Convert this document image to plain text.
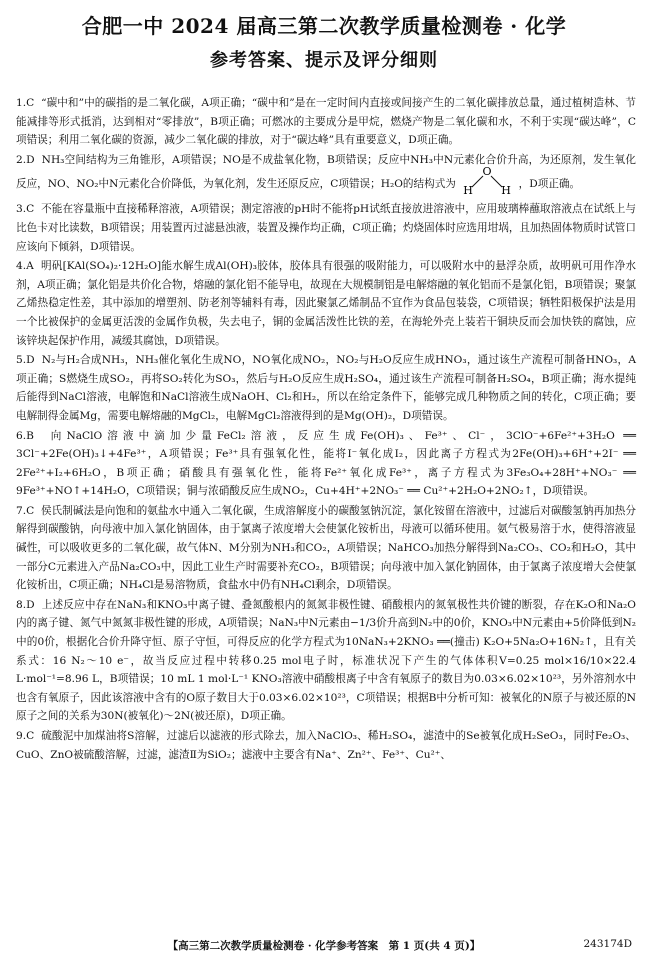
合肥一中 2024 届高三第二次教学质量检测卷 · 化学
参考答案、提示及评分细则

1.C “碳中和”中的碳指的是二氧化碳，A项正确；“碳中和”是在一定时间内直接或间接产生的二氧化碳排放总量，通过植树造林、节能减排等形式抵消，达到相对“零排放”，B项正确；可燃冰的主要成分是甲烷，燃烧产物是二氧化碳和水，不利于实现“碳达峰”，C项错误；利用二氧化碳的资源，减少二氧化碳的排放，对于“碳达峰”具有重要意义，D项正确。

2.D NH₃空间结构为三角锥形，A项错误；NO是不成盐氧化物，B项错误；反应中NH₃中N元素化合价升高，为还原剂，发生氧化反应，NO、NO₂中N元素化合价降低，为氧化剂，发生还原反应，C项错误；H₂O的结构式为
O
H	H ，D项正确。

3.C 不能在容量瓶中直接稀释溶液，A项错误；测定溶液的pH时不能将pH试纸直接放进溶液中，应用玻璃棒蘸取溶液点在试纸上与比色卡对比读数，B项错误；用装置丙过滤悬浊液，装置及操作均正确，C项正确；灼烧固体时应选用坩埚，且加热固体物质时试管口应该向下倾斜，D项错误。

4.A 明矾[KAl(SO₄)₂·12H₂O]能水解生成Al(OH)₃胶体，胶体具有很强的吸附能力，可以吸附水中的悬浮杂质，故明矾可用作净水剂，A项正确；氯化铝是共价化合物，熔融的氯化铝不能导电，故现在大规模制铝是电解熔融的氧化铝而不是氯化铝，B项错误；聚氯乙烯热稳定性差，其中添加的增塑剂、防老剂等辅料有毒，因此聚氯乙烯制品不宜作为食品包装袋，C项错误；牺牲阳极保护法是用一个比被保护的金属更活泼的金属作负极，失去电子，铜的金属活泼性比铁的差，在海轮外壳上装若干铜块反而会加快铁的腐蚀，应该锌块起保护作用，减缓其腐蚀，D项错误。

5.D N₂与H₂合成NH₃，NH₃催化氧化生成NO，NO氧化成NO₂，NO₂与H₂O反应生成HNO₃，通过该生产流程可制备HNO₃，A项正确；S燃烧生成SO₂，再将SO₂转化为SO₃，然后与H₂O反应生成H₂SO₄，通过该生产流程可制备H₂SO₄，B项正确；海水提纯后能得到NaCl溶液，电解饱和NaCl溶液生成NaOH、Cl₂和H₂，所以在给定条件下，能够完成几种物质之间的转化，C项正确；要电解制得金属Mg，需要电解熔融的MgCl₂，电解MgCl₂溶液得到的是Mg(OH)₂，D项错误。

6.B 向NaClO溶液中滴加少量FeCl₂溶液，反应生成Fe(OH)₃、Fe³⁺、Cl⁻，3ClO⁻+6Fe²⁺+3H₂O ══ 3Cl⁻+2Fe(OH)₃↓+4Fe³⁺，A项错误；Fe³⁺具有强氧化性，能将I⁻氧化成I₂，因此离子方程式为2Fe(OH)₃+6H⁺+2I⁻ ══ 2Fe²⁺+I₂+6H₂O，B项正确；硝酸具有强氧化性，能将Fe²⁺氧化成Fe³⁺，离子方程式为3Fe₃O₄+28H⁺+NO₃⁻ ══ 9Fe³⁺+NO↑+14H₂O，C项错误；铜与浓硝酸反应生成NO₂，Cu+4H⁺+2NO₃⁻ ══ Cu²⁺+2H₂O+2NO₂↑，D项错误。

7.C 侯氏制碱法是向饱和的氨盐水中通入二氧化碳，生成溶解度小的碳酸氢钠沉淀，氯化铵留在溶液中，过滤后对碳酸氢钠再加热分解得到碳酸钠，向母液中加入氯化钠固体，由于氯离子浓度增大会使氯化铵析出，母液可以循环使用。氨气极易溶于水，使得溶液显碱性，可以吸收更多的二氧化碳，故气体N、M分别为NH₃和CO₂，A项错误；NaHCO₃加热分解得到Na₂CO₃、CO₂和H₂O，其中一部分C元素进入产品Na₂CO₃中，因此工业生产时需要补充CO₂，B项错误；向母液中加入氯化钠固体，由于氯离子浓度增大会使氯化铵析出，C项正确；NH₄Cl是易溶物质，食盐水中仍有NH₄Cl剩余，D项错误。

8.D 上述反应中存在NaN₃和KNO₃中离子键、叠氮酸根内的氮氮非极性键、硝酸根内的氮氧极性共价键的断裂，存在K₂O和Na₂O内的离子键、氮气中氮氮非极性键的形成，A项错误；NaN₃中N元素由−1/3价升高到N₂中的0价，KNO₃中N元素由+5价降低到N₂中的0价，根据化合价升降守恒、原子守恒，可得反应的化学方程式为10NaN₃+2KNO₃ ══(撞击) K₂O+5Na₂O+16N₂↑，且有关系式：16 N₂～10 e⁻，故当反应过程中转移0.25 mol电子时，标准状况下产生的气体体积V=0.25 mol×16/10×22.4 L·mol⁻¹=8.96 L，B项错误；10 mL 1 mol·L⁻¹ KNO₃溶液中硝酸根离子中含有氧原子的数目为0.03×6.02×10²³，另外溶剂水中也含有氧原子，因此该溶液中含有的O原子数目大于0.03×6.02×10²³，C项错误；根据B中分析可知：被氧化的N原子与被还原的N原子之间的关系为30N(被氧化)～2N(被还原)，D项正确。

9.C 硫酸泥中加煤油将S溶解，过滤后以滤液的形式除去，加入NaClO₃、稀H₂SO₄，滤渣中的Se被氧化成H₂SeO₃，同时Fe₂O₃、CuO、ZnO被硫酸溶解，过滤，滤渣Ⅱ为SiO₂；滤液中主要含有Na⁺、Zn²⁺、Fe³⁺、Cu²⁺、

【高三第二次教学质量检测卷 · 化学参考答案　第 1 页(共 4 页)】	243174D
